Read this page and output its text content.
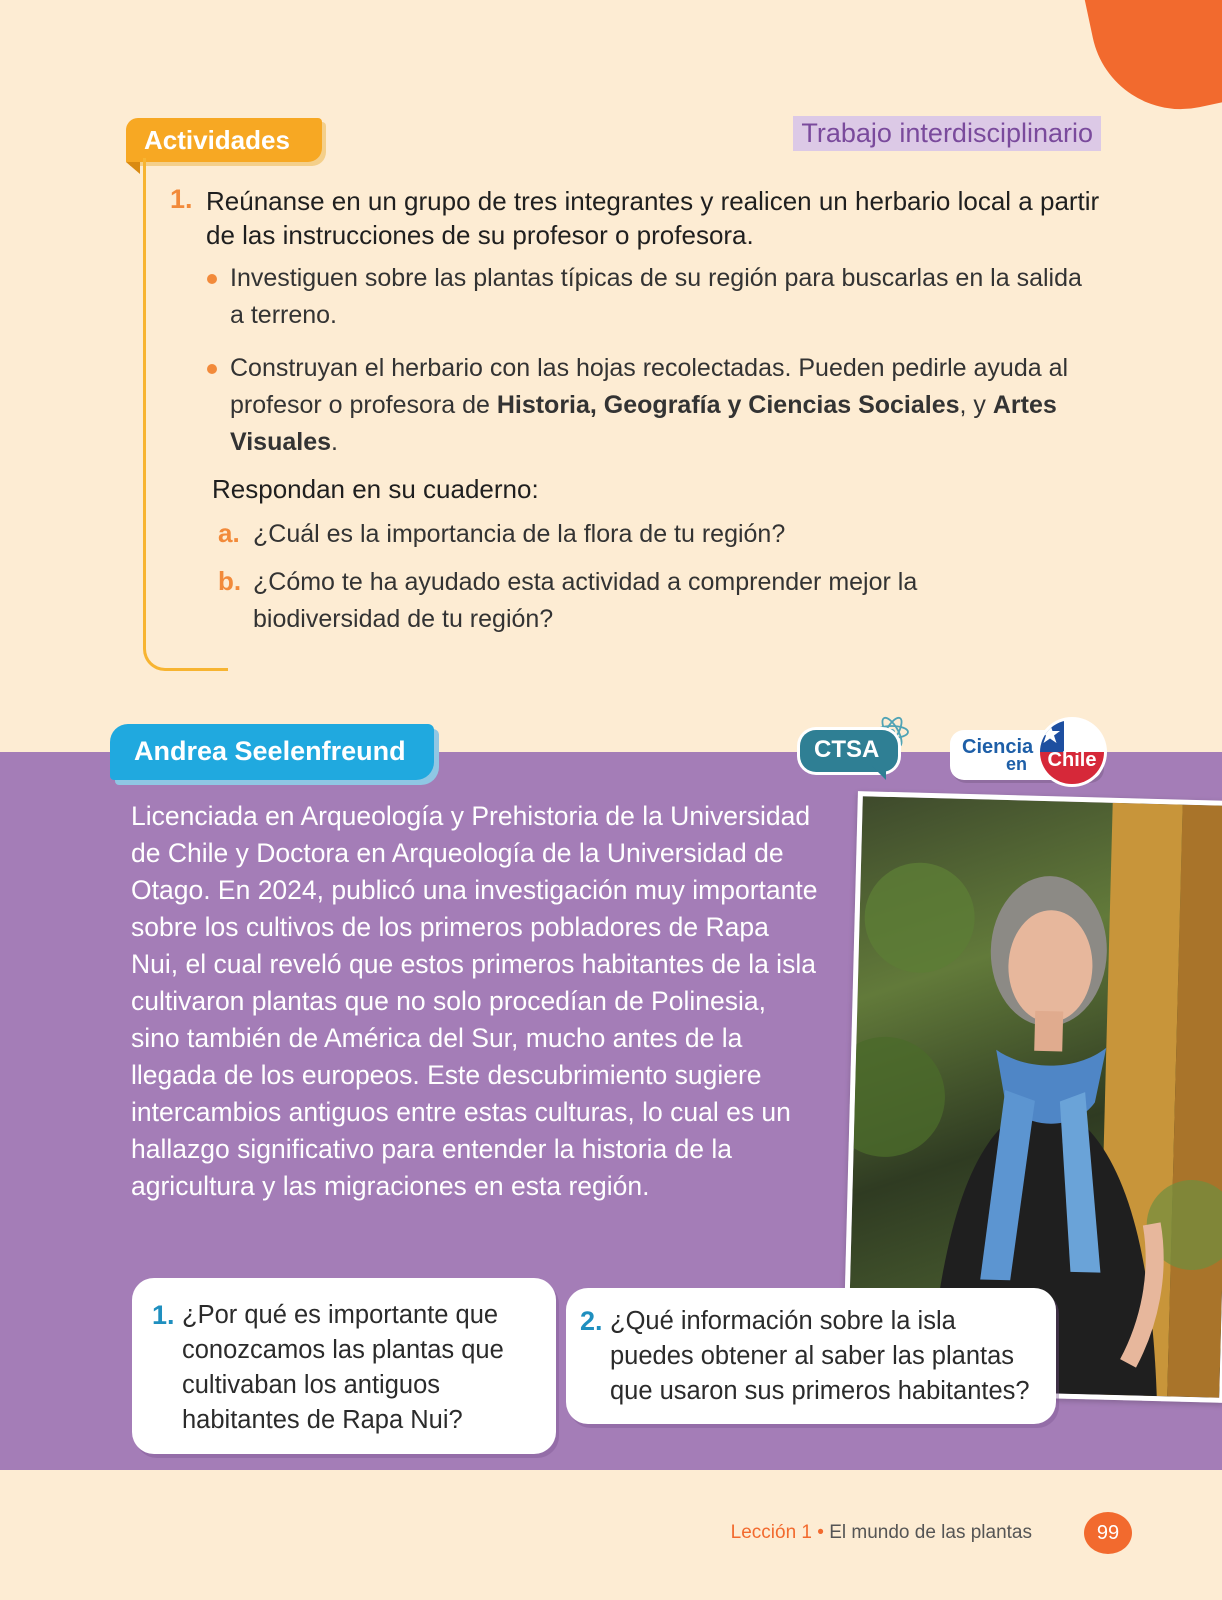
Actividades	Trabajo interdisciplinario
1. Reúnanse en un grupo de tres integrantes y realicen un herbario local a partir de las instrucciones de su profesor o profesora.
Investiguen sobre las plantas típicas de su región para buscarlas en la salida a terreno.
Construyan el herbario con las hojas recolectadas. Pueden pedirle ayuda al profesor o profesora de Historia, Geografía y Ciencias Sociales, y Artes Visuales.
Respondan en su cuaderno:
a. ¿Cuál es la importancia de la flora de tu región?
b. ¿Cómo te ha ayudado esta actividad a comprender mejor la biodiversidad de tu región?
Andrea Seelenfreund	CTSA	Ciencia
en Chile
Licenciada en Arqueología y Prehistoria de la Universidad de Chile y Doctora en Arqueología de la Universidad de Otago. En 2024, publicó una investigación muy importante sobre los cultivos de los primeros pobladores de Rapa Nui, el cual reveló que estos primeros habitantes de la isla cultivaron plantas que no solo procedían de Polinesia, sino también de América del Sur, mucho antes de la llegada de los europeos. Este descubrimiento sugiere intercambios antiguos entre estas culturas, lo cual es un hallazgo significativo para entender la historia de la agricultura y las migraciones en esta región.
1. ¿Por qué es importante que conozcamos las plantas que cultivaban los antiguos habitantes de Rapa Nui?
2. ¿Qué información sobre la isla puedes obtener al saber las plantas que usaron sus primeros habitantes?
Lección 1 • El mundo de las plantas	99
